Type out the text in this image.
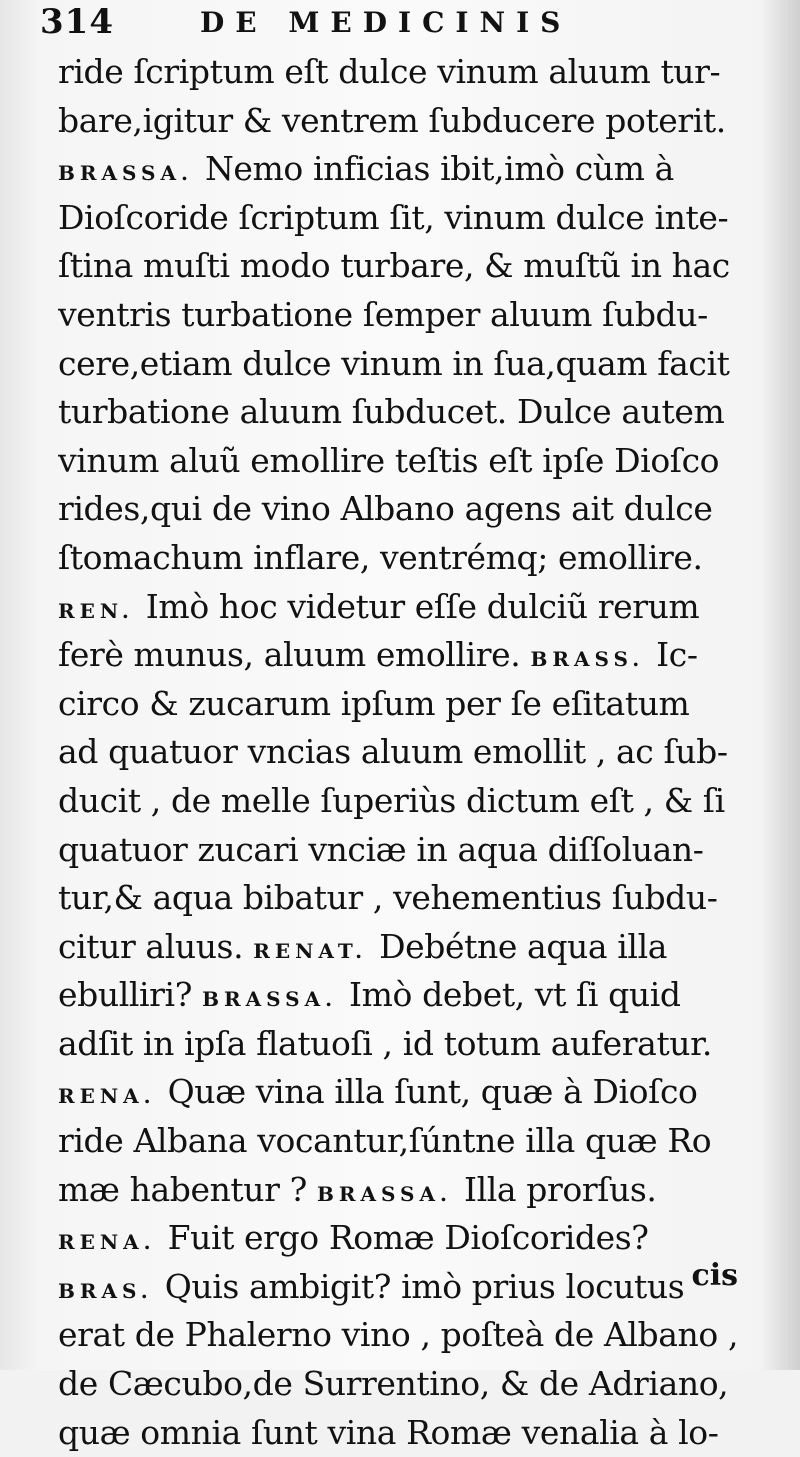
314	DE MEDICINIS
ride ſcriptum eſt dulce vinum aluum tur-
bare,igitur & ventrem ſubducere poterit.
BRASSA. Nemo inficias ibit,imò cùm à
Dioſcoride ſcriptum ſit, vinum dulce inte-
ſtina muſti modo turbare, & muſtũ in hac
ventris turbatione ſemper aluum ſubdu-
cere,etiam dulce vinum in ſua,quam facit
turbatione aluum ſubducet. Dulce autem
vinum aluũ emollire teſtis eſt ipſe Dioſco
rides,qui de vino Albano agens ait dulce
ſtomachum inflare, ventrémq; emollire.
REN. Imò hoc videtur eſſe dulciũ rerum
ferè munus, aluum emollire. BRASS. Ic-
circo & zucarum ipſum per ſe eſitatum
ad quatuor vncias aluum emollit , ac ſub-
ducit , de melle ſuperiùs dictum eſt , & ſi
quatuor zucari vnciæ in aqua diſſoluan-
tur,& aqua bibatur , vehementius ſubdu-
citur aluus. RENAT. Debétne aqua illa
ebulliri? BRASSA. Imò debet, vt ſi quid
adſit in ipſa flatuoſi , id totum auferatur.
RENA. Quæ vina illa ſunt, quæ à Dioſco
ride Albana vocantur,ſúntne illa quæ Ro
mæ habentur ? BRASSA. Illa prorſus.
RENA. Fuit ergo Romæ Dioſcorides?
BRAS. Quis ambigit? imò prius locutus
erat de Phalerno vino , poſteà de Albano ,
de Cæcubo,de Surrentino, & de Adriano,
quæ omnia ſunt vina Romæ venalia à lo-
cis
